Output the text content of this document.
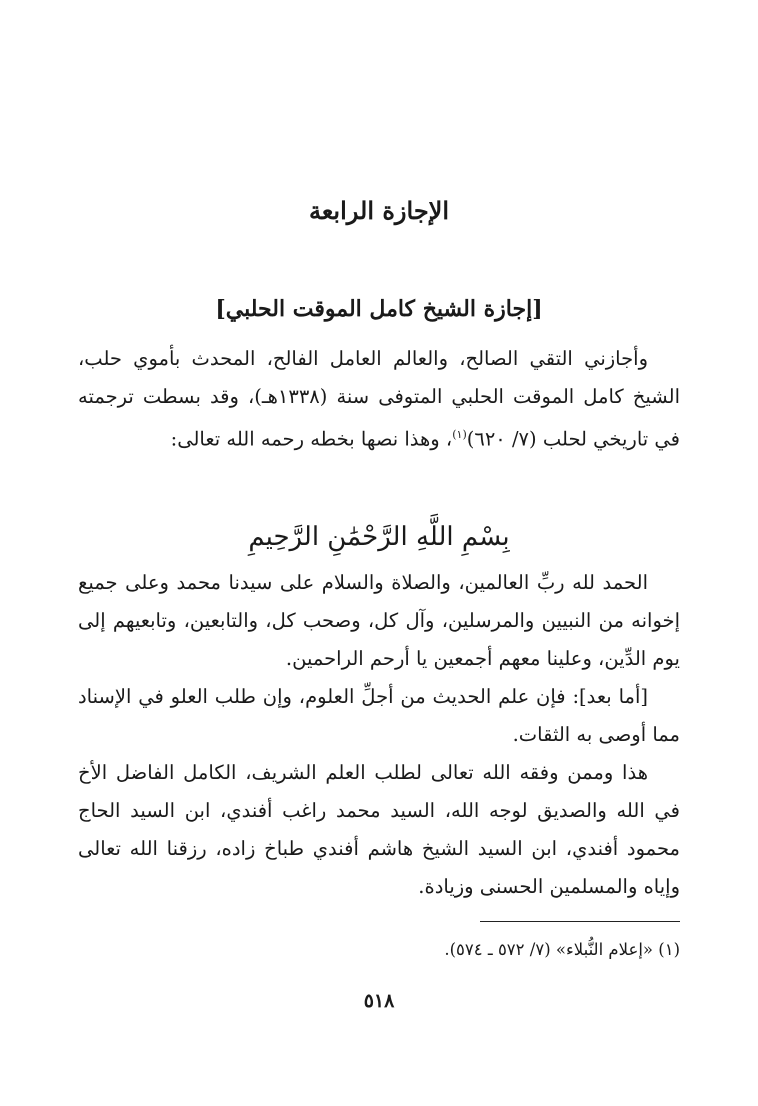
الإجازة الرابعة
[إجازة الشيخ كامل الموقت الحلبي]

وأجازني التقي الصالح، والعالم العامل الفالح، المحدث بأموي حلب، الشيخ كامل الموقت الحلبي المتوفى سنة (١٣٣٨هـ)، وقد بسطت ترجمته في تاريخي لحلب (٧/ ٦٢٠)$^{(١)}$، وهذا نصها بخطه رحمه الله تعالى:

بِسْمِ اللَّهِ الرَّحْمَٰنِ الرَّحِيمِ

الحمد لله ربِّ العالمين، والصلاة والسلام على سيدنا محمد وعلى جميع إخوانه من النبيين والمرسلين، وآل كل، وصحب كل، والتابعين، وتابعيهم إلى يوم الدِّين، وعلينا معهم أجمعين يا أرحم الراحمين.

[أما بعد]: فإن علم الحديث من أجلِّ العلوم، وإن طلب العلو في الإسناد مما أوصى به الثقات.

هذا وممن وفقه الله تعالى لطلب العلم الشريف، الكامل الفاضل الأخ في الله والصديق لوجه الله، السيد محمد راغب أفندي، ابن السيد الحاج محمود أفندي، ابن السيد الشيخ هاشم أفندي طباخ زاده، رزقنا الله تعالى وإياه والمسلمين الحسنى وزيادة.

(١) «إعلام النُّبلاء» (٧/ ٥٧٢ ـ ٥٧٤).

٥١٨
